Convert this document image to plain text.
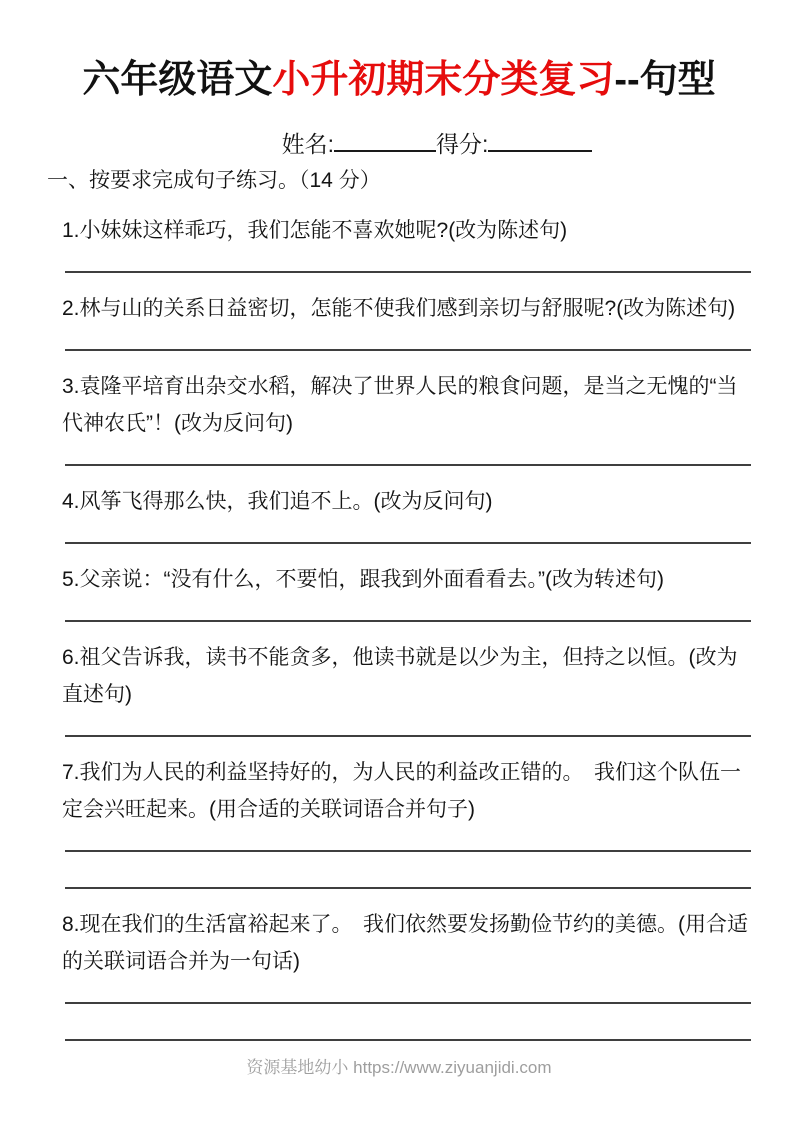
六年级语文小升初期末分类复习--句型
姓名:	得分:
一、按要求完成句子练习。（14 分）

1.小妹妹这样乖巧，我们怎能不喜欢她呢?(改为陈述句)

2.林与山的关系日益密切，怎能不使我们感到亲切与舒服呢?(改为陈述句)

3.袁隆平培育出杂交水稻，解决了世界人民的粮食问题，是当之无愧的“当代神农氏”！(改为反问句)

4.风筝飞得那么快，我们追不上。(改为反问句)

5.父亲说：“没有什么，不要怕，跟我到外面看看去。”(改为转述句)

6.祖父告诉我，读书不能贪多，他读书就是以少为主，但持之以恒。(改为直述句)

7.我们为人民的利益坚持好的，为人民的利益改正错的。　我们这个队伍一定会兴旺起来。(用合适的关联词语合并句子)

8.现在我们的生活富裕起来了。　我们依然要发扬勤俭节约的美德。(用合适的关联词语合并为一句话)

资源基地幼小 https://www.ziyuanjidi.com
